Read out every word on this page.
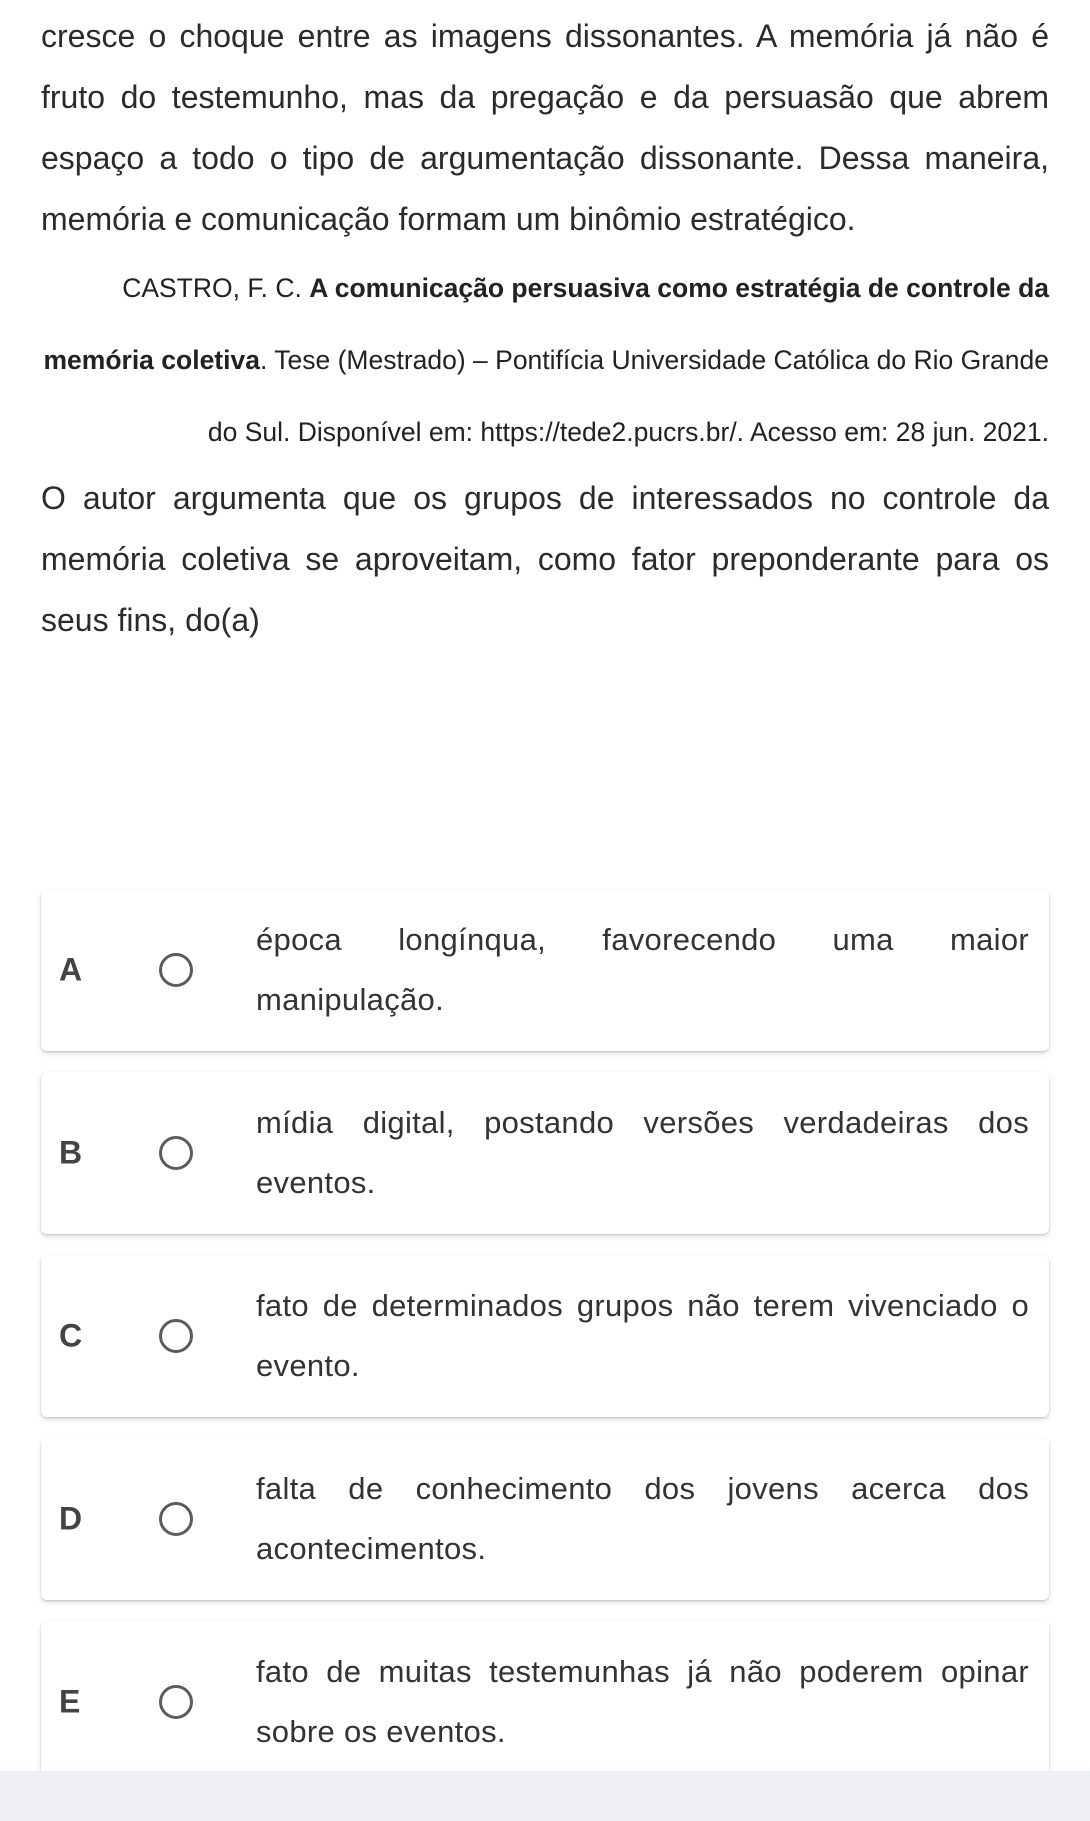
cresce o choque entre as imagens dissonantes. A memória já não é fruto do testemunho, mas da pregação e da persuasão que abrem espaço a todo o tipo de argumentação dissonante. Dessa maneira, memória e comunicação formam um binômio estratégico.

CASTRO, F. C. A comunicação persuasiva como estratégia de controle da memória coletiva. Tese (Mestrado) – Pontifícia Universidade Católica do Rio Grande do Sul. Disponível em: https://tede2.pucrs.br/. Acesso em: 28 jun. 2021.

O autor argumenta que os grupos de interessados no controle da memória coletiva se aproveitam, como fator preponderante para os seus fins, do(a)

A
época longínqua, favorecendo uma maior manipulação.
B
mídia digital, postando versões verdadeiras dos eventos.
C
fato de determinados grupos não terem vivenciado o evento.
D
falta de conhecimento dos jovens acerca dos acontecimentos.
E
fato de muitas testemunhas já não poderem opinar sobre os eventos.
